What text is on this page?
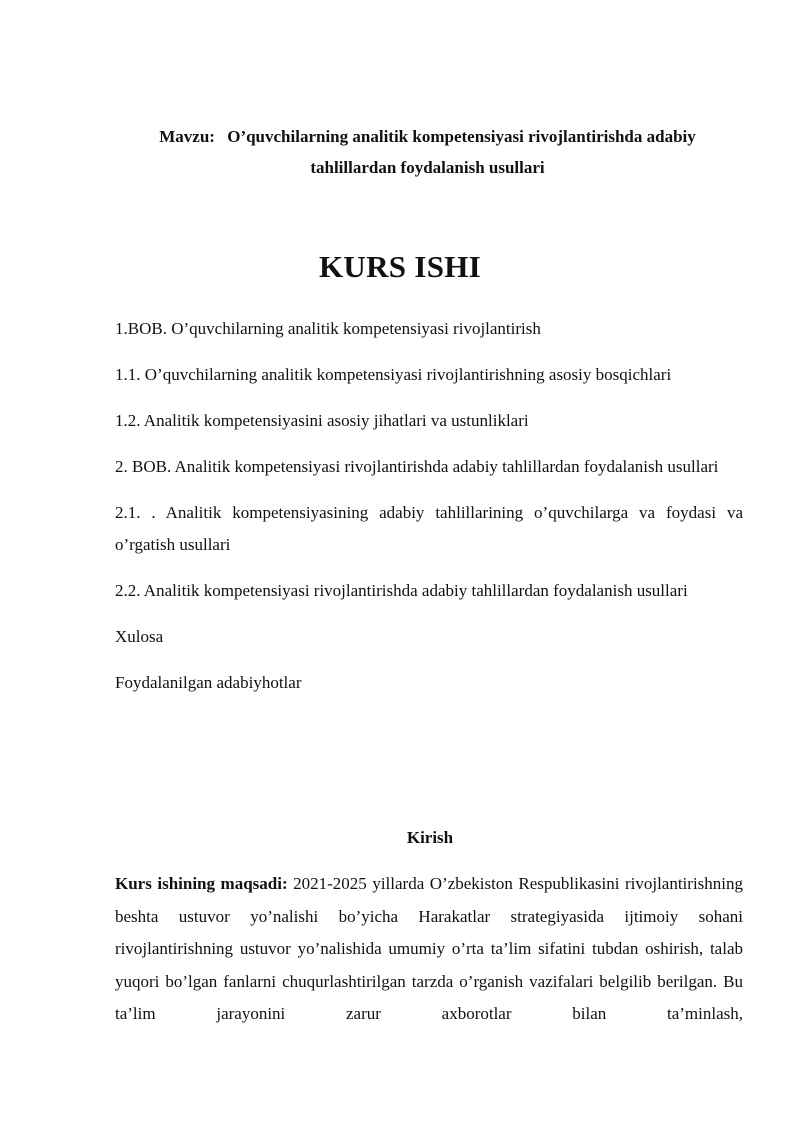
Mavzu: O’quvchilarning analitik kompetensiyasi rivojlantirishda adabiy tahlillardan foydalanish usullari
KURS ISHI
1.BOB. O’quvchilarning analitik kompetensiyasi rivojlantirish
1.1. O’quvchilarning analitik kompetensiyasi rivojlantirishning asosiy bosqichlari
1.2. Analitik kompetensiyasini asosiy jihatlari va ustunliklari
2. BOB. Analitik kompetensiyasi rivojlantirishda adabiy tahlillardan foydalanish usullari
2.1. . Analitik kompetensiyasining adabiy tahlillarining o’quvchilarga va foydasi va o’rgatish usullari
2.2. Analitik kompetensiyasi rivojlantirishda adabiy tahlillardan foydalanish usullari
Xulosa
Foydalanilgan adabiyhotlar
Kirish

Kurs ishining maqsadi: 2021-2025 yillarda O’zbekiston Respublikasini rivojlantirishning beshta ustuvor yo’nalishi bo’yicha Harakatlar strategiyasida ijtimoiy sohani rivojlantirishning ustuvor yo’nalishida umumiy o’rta ta’lim sifatini tubdan oshirish, talab yuqori bo’lgan fanlarni chuqurlashtirilgan tarzda o’rganish vazifalari belgilib berilgan. Bu ta’lim jarayonini zarur axborotlar bilan ta’minlash,
